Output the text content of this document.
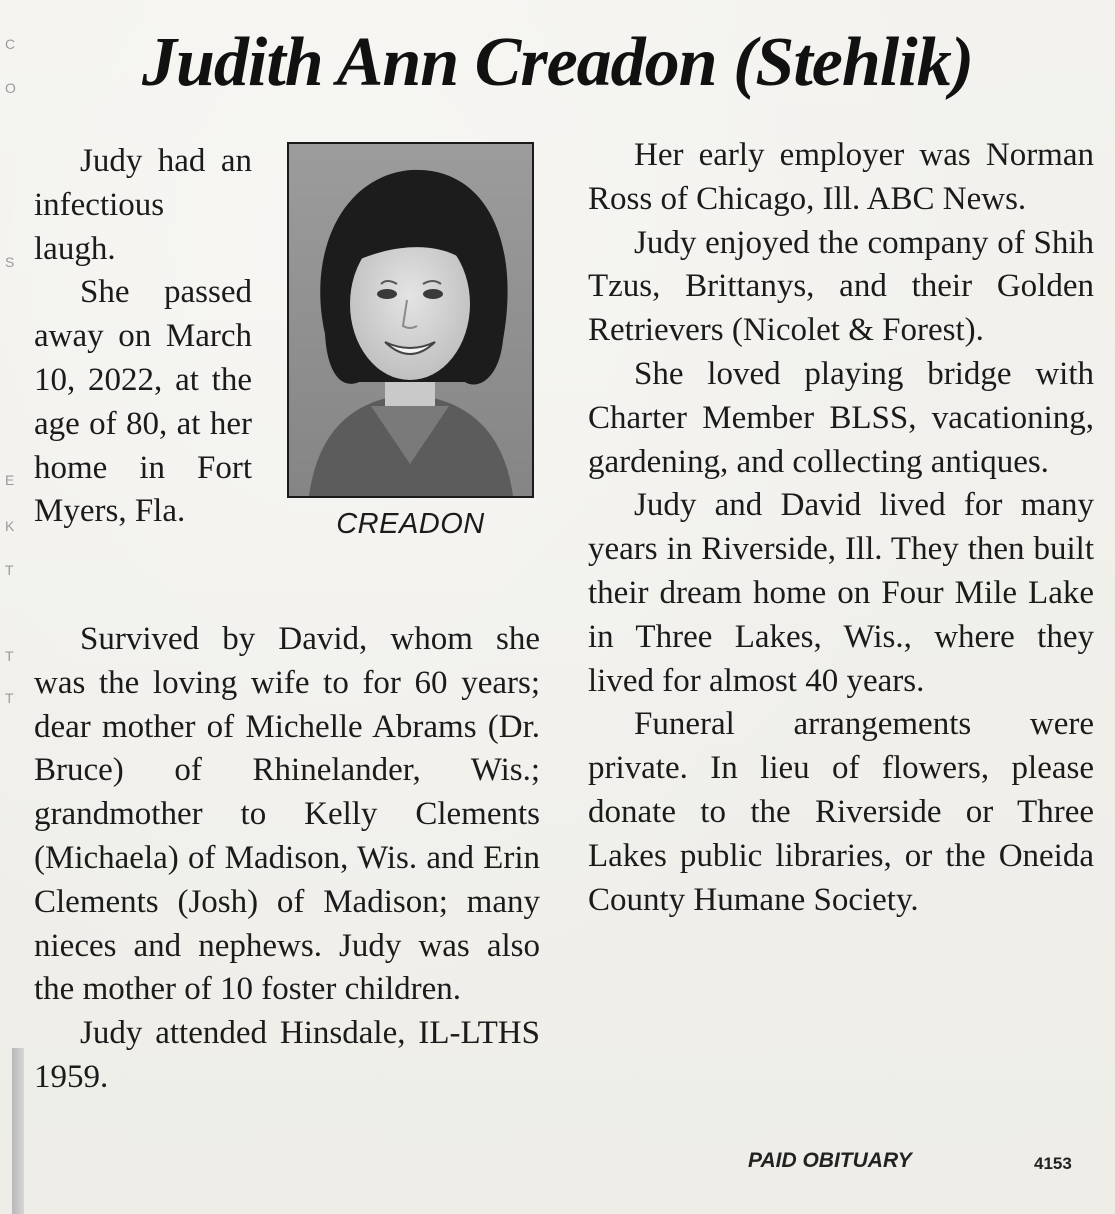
C
O
S
E
K
T
T
T
Judith Ann Creadon (Stehlik)

Judy had an infectious laugh.

She passed away on March 10, 2022, at the age of 80, at her home in Fort Myers, Fla.	CREADON

Survived by David, whom she was the loving wife to for 60 years; dear mother of Michelle Abrams (Dr. Bruce) of Rhinelander, Wis.; grandmother to Kelly Clements (Michaela) of Madison, Wis. and Erin Clements (Josh) of Madison; many nieces and nephews. Judy was also the mother of 10 foster children.

Judy attended Hinsdale, IL-LTHS 1959.

Her early employer was Norman Ross of Chicago, Ill. ABC News.

Judy enjoyed the company of Shih Tzus, Brittanys, and their Golden Retrievers (Nicolet & Forest).

She loved playing bridge with Charter Member BLSS, vacationing, gardening, and collecting antiques.

Judy and David lived for many years in Riverside, Ill. They then built their dream home on Four Mile Lake in Three Lakes, Wis., where they lived for almost 40 years.

Funeral arrangements were private. In lieu of flowers, please donate to the Riverside or Three Lakes public libraries, or the Oneida County Humane Society.

PAID OBITUARY	4153
